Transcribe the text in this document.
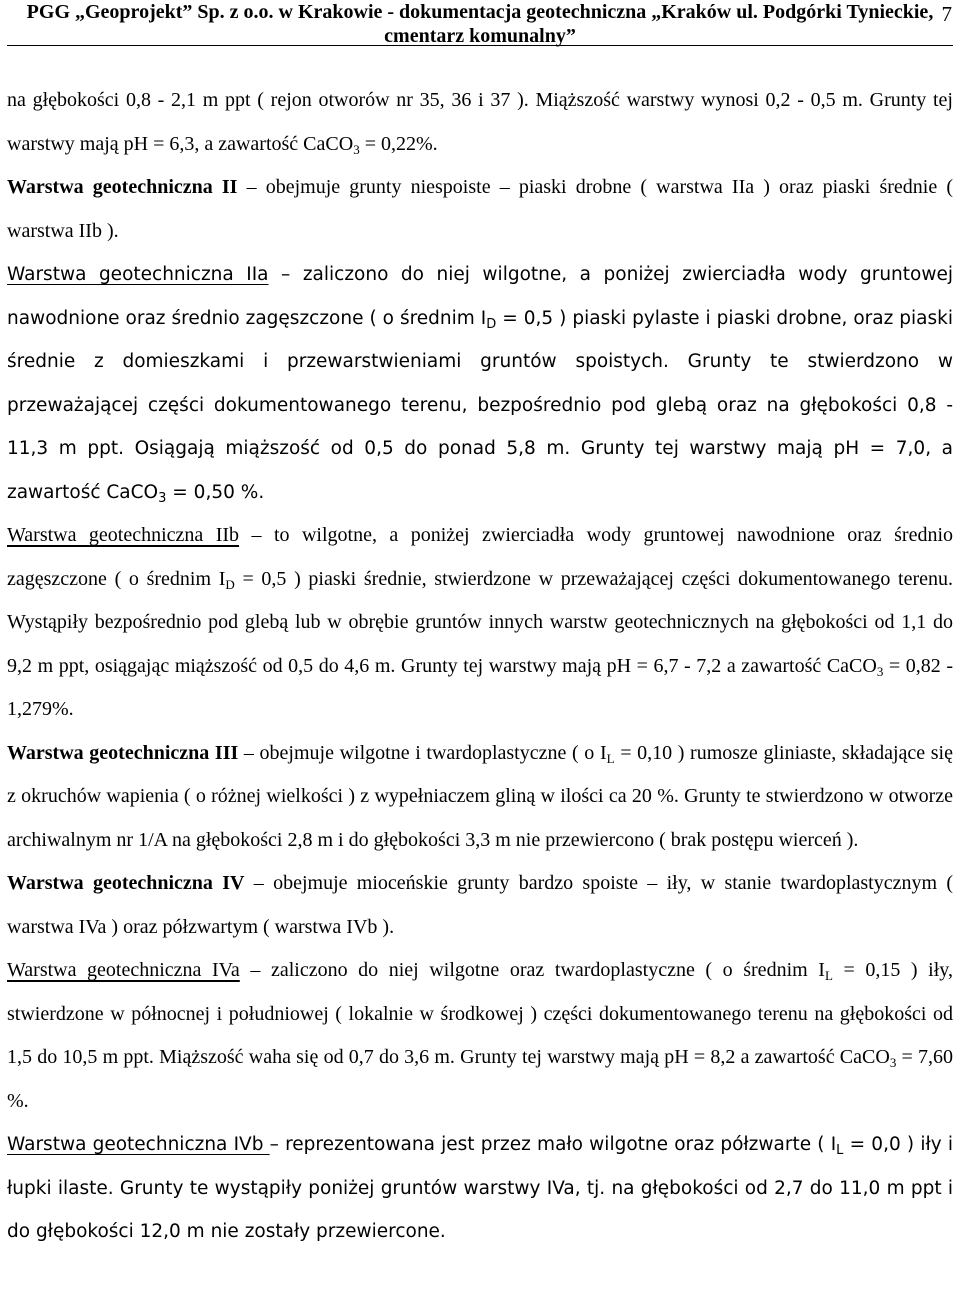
PGG „Geoprojekt” Sp. z o.o. w Krakowie - dokumentacja geotechniczna „Kraków ul. Podgórki Tynieckie,
cmentarz komunalny”
7

na głębokości 0,8 - 2,1 m ppt ( rejon otworów nr 35, 36 i 37 ). Miąższość warstwy wynosi 0,2 - 0,5 m. Grunty tej warstwy mają pH = 6,3, a zawartość CaCO$_3$ = 0,22%.

Warstwa geotechniczna II – obejmuje grunty niespoiste – piaski drobne ( warstwa IIa ) oraz piaski średnie ( warstwa IIb ).

Warstwa geotechniczna IIa – zaliczono do niej wilgotne, a poniżej zwierciadła wody gruntowej nawodnione oraz średnio zagęszczone ( o średnim $I_D = 0,5$ ) piaski pylaste i piaski drobne, oraz piaski średnie z domieszkami i przewarstwieniami gruntów spoistych. Grunty te stwierdzono w przeważającej części dokumentowanego terenu, bezpośrednio pod glebą oraz na głębokości 0,8 - 11,3 m ppt. Osiągają miąższość od 0,5 do ponad 5,8 m. Grunty tej warstwy mają pH = 7,0, a zawartość CaCO$_3$ = 0,50 %.

Warstwa geotechniczna IIb – to wilgotne, a poniżej zwierciadła wody gruntowej nawodnione oraz średnio zagęszczone ( o średnim $I_D = 0,5$ ) piaski średnie, stwierdzone w przeważającej części dokumentowanego terenu. Wystąpiły bezpośrednio pod glebą lub w obrębie gruntów innych warstw geotechnicznych na głębokości od 1,1 do 9,2 m ppt, osiągając miąższość od 0,5 do 4,6 m. Grunty tej warstwy mają pH = 6,7 - 7,2 a zawartość CaCO$_3$ = 0,82 - 1,279%.

Warstwa geotechniczna III – obejmuje wilgotne i twardoplastyczne ( o $I_L = 0,10$ ) rumosze gliniaste, składające się z okruchów wapienia ( o różnej wielkości ) z wypełniaczem gliną w ilości ca 20 %. Grunty te stwierdzono w otworze archiwalnym nr 1/A na głębokości 2,8 m i do głębokości 3,3 m nie przewiercono ( brak postępu wierceń ).

Warstwa geotechniczna IV – obejmuje mioceńskie grunty bardzo spoiste – iły, w stanie twardoplastycznym ( warstwa IVa ) oraz półzwartym ( warstwa IVb ).

Warstwa geotechniczna IVa – zaliczono do niej wilgotne oraz twardoplastyczne ( o średnim $I_L = 0,15$ ) iły, stwierdzone w północnej i południowej ( lokalnie w środkowej ) części dokumentowanego terenu na głębokości od 1,5 do 10,5 m ppt. Miąższość waha się od 0,7 do 3,6 m. Grunty tej warstwy mają pH = 8,2 a zawartość CaCO$_3$ = 7,60 %.

Warstwa geotechniczna IVb – reprezentowana jest przez mało wilgotne oraz półzwarte ( $I_L = 0,0$ ) iły i łupki ilaste. Grunty te wystąpiły poniżej gruntów warstwy IVa, tj. na głębokości od 2,7 do 11,0 m ppt i do głębokości 12,0 m nie zostały przewiercone.
